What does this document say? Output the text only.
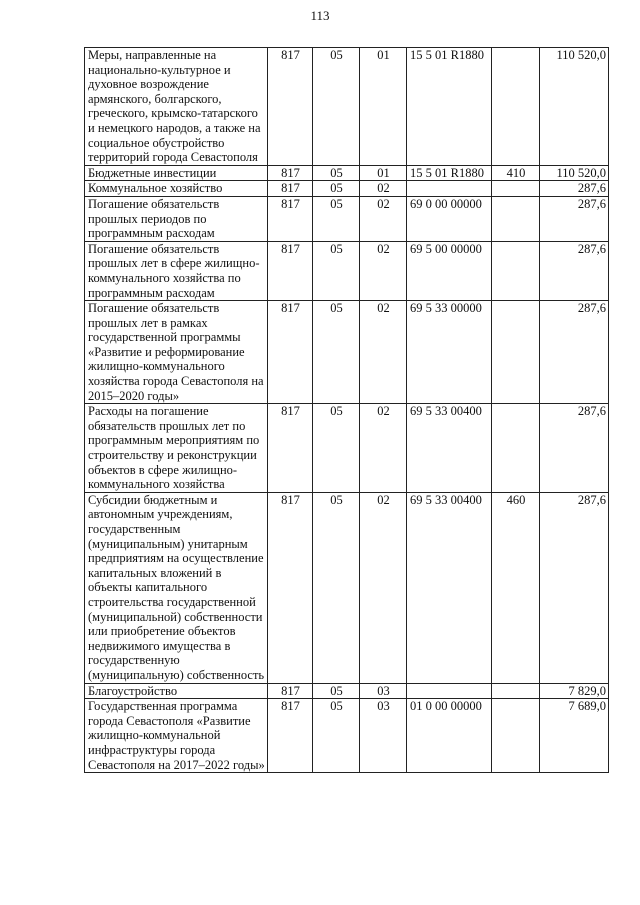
113
Меры, направленные на национально-культурное и духовное возрождение армянского, болгарского, греческого, крымско-татарского и немецкого народов, а также на социальное обустройство территорий города Севастополя	817	05	01	15 5 01 R1880		110 520,0
Бюджетные инвестиции	817	05	01	15 5 01 R1880	410	110 520,0
Коммунальное хозяйство	817	05	02			287,6
Погашение обязательств прошлых периодов по программным расходам	817	05	02	69 0 00 00000		287,6
Погашение обязательств прошлых лет в сфере жилищно-коммунального хозяйства по программным расходам	817	05	02	69 5 00 00000		287,6
Погашение обязательств прошлых лет в рамках государственной программы «Развитие и реформирование жилищно-коммунального хозяйства города Севастополя на 2015–2020 годы»	817	05	02	69 5 33 00000		287,6
Расходы на погашение обязательств прошлых лет по программным мероприятиям по строительству и реконструкции объектов в сфере жилищно-коммунального хозяйства	817	05	02	69 5 33 00400		287,6
Субсидии бюджетным и автономным учреждениям, государственным (муниципальным) унитарным предприятиям на осуществление капитальных вложений в объекты капитального строительства государственной (муниципальной) собственности или приобретение объектов недвижимого имущества в государственную (муниципальную) собственность	817	05	02	69 5 33 00400	460	287,6
Благоустройство	817	05	03			7 829,0
Государственная программа города Севастополя «Развитие жилищно-коммунальной инфраструктуры города Севастополя на 2017–2022 годы»	817	05	03	01 0 00 00000		7 689,0
